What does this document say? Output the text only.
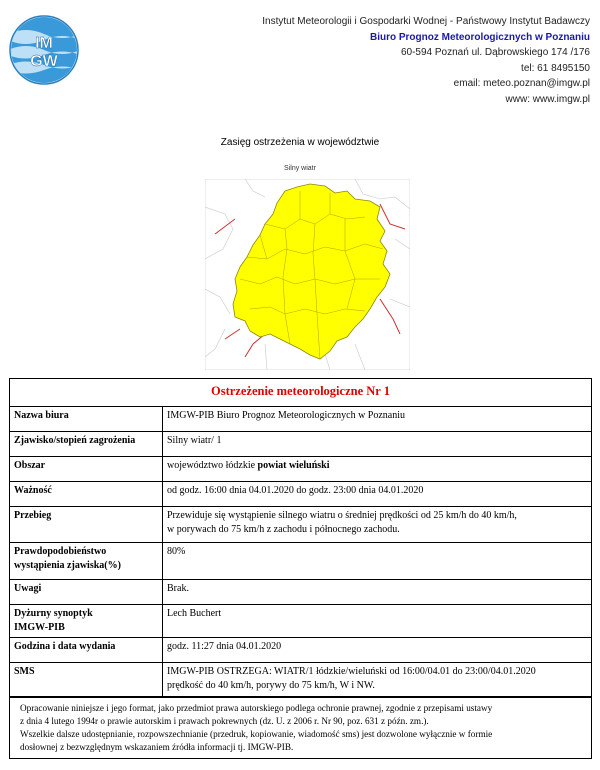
IM
GW
Instytut Meteorologii i Gospodarki Wodnej - Państwowy Instytut Badawczy
Biuro Prognoz Meteorologicznych w Poznaniu
60-594 Poznań ul. Dąbrowskiego 174 /176
tel: 61 8495150
email: meteo.poznan@imgw.pl
www: www.imgw.pl
Zasięg ostrzeżenia w województwie
Silny wiatr
Ostrzeżenie meteorologiczne Nr 1	
Nazwa biura	IMGW-PIB Biuro Prognoz Meteorologicznych w Poznaniu
Zjawisko/stopień zagrożenia	Silny wiatr/ 1
Obszar	województwo łódzkie powiat wieluński
Ważność	od godz. 16:00 dnia 04.01.2020 do godz. 23:00 dnia 04.01.2020
Przebieg	Przewiduje się wystąpienie silnego wiatru o średniej prędkości od 25 km/h do 40 km/h,
w porywach do 75 km/h z zachodu i północnego zachodu.

Prawdopodobieństwo
wystąpienia zjawiska(%)	80%
Uwagi	Brak.

Dyżurny synoptyk
IMGW-PIB	Lech Buchert
Godzina i data wydania	godz. 11:27 dnia 04.01.2020
SMS	IMGW-PIB OSTRZEGA: WIATR/1 łódzkie/wieluński od 16:00/04.01 do 23:00/04.01.2020
prędkość do 40 km/h, porywy do 75 km/h, W i NW.

Opracowanie niniejsze i jego format, jako przedmiot prawa autorskiego podlega ochronie prawnej, zgodnie z przepisami ustawy

z dnia 4 lutego 1994r o prawie autorskim i prawach pokrewnych (dz. U. z 2006 r. Nr 90, poz. 631 z późn. zm.).

Wszelkie dalsze udostępnianie, rozpowszechnianie (przedruk, kopiowanie, wiadomość sms) jest dozwolone wyłącznie w formie

dosłownej z bezwzględnym wskazaniem źródła informacji tj. IMGW-PIB.	
